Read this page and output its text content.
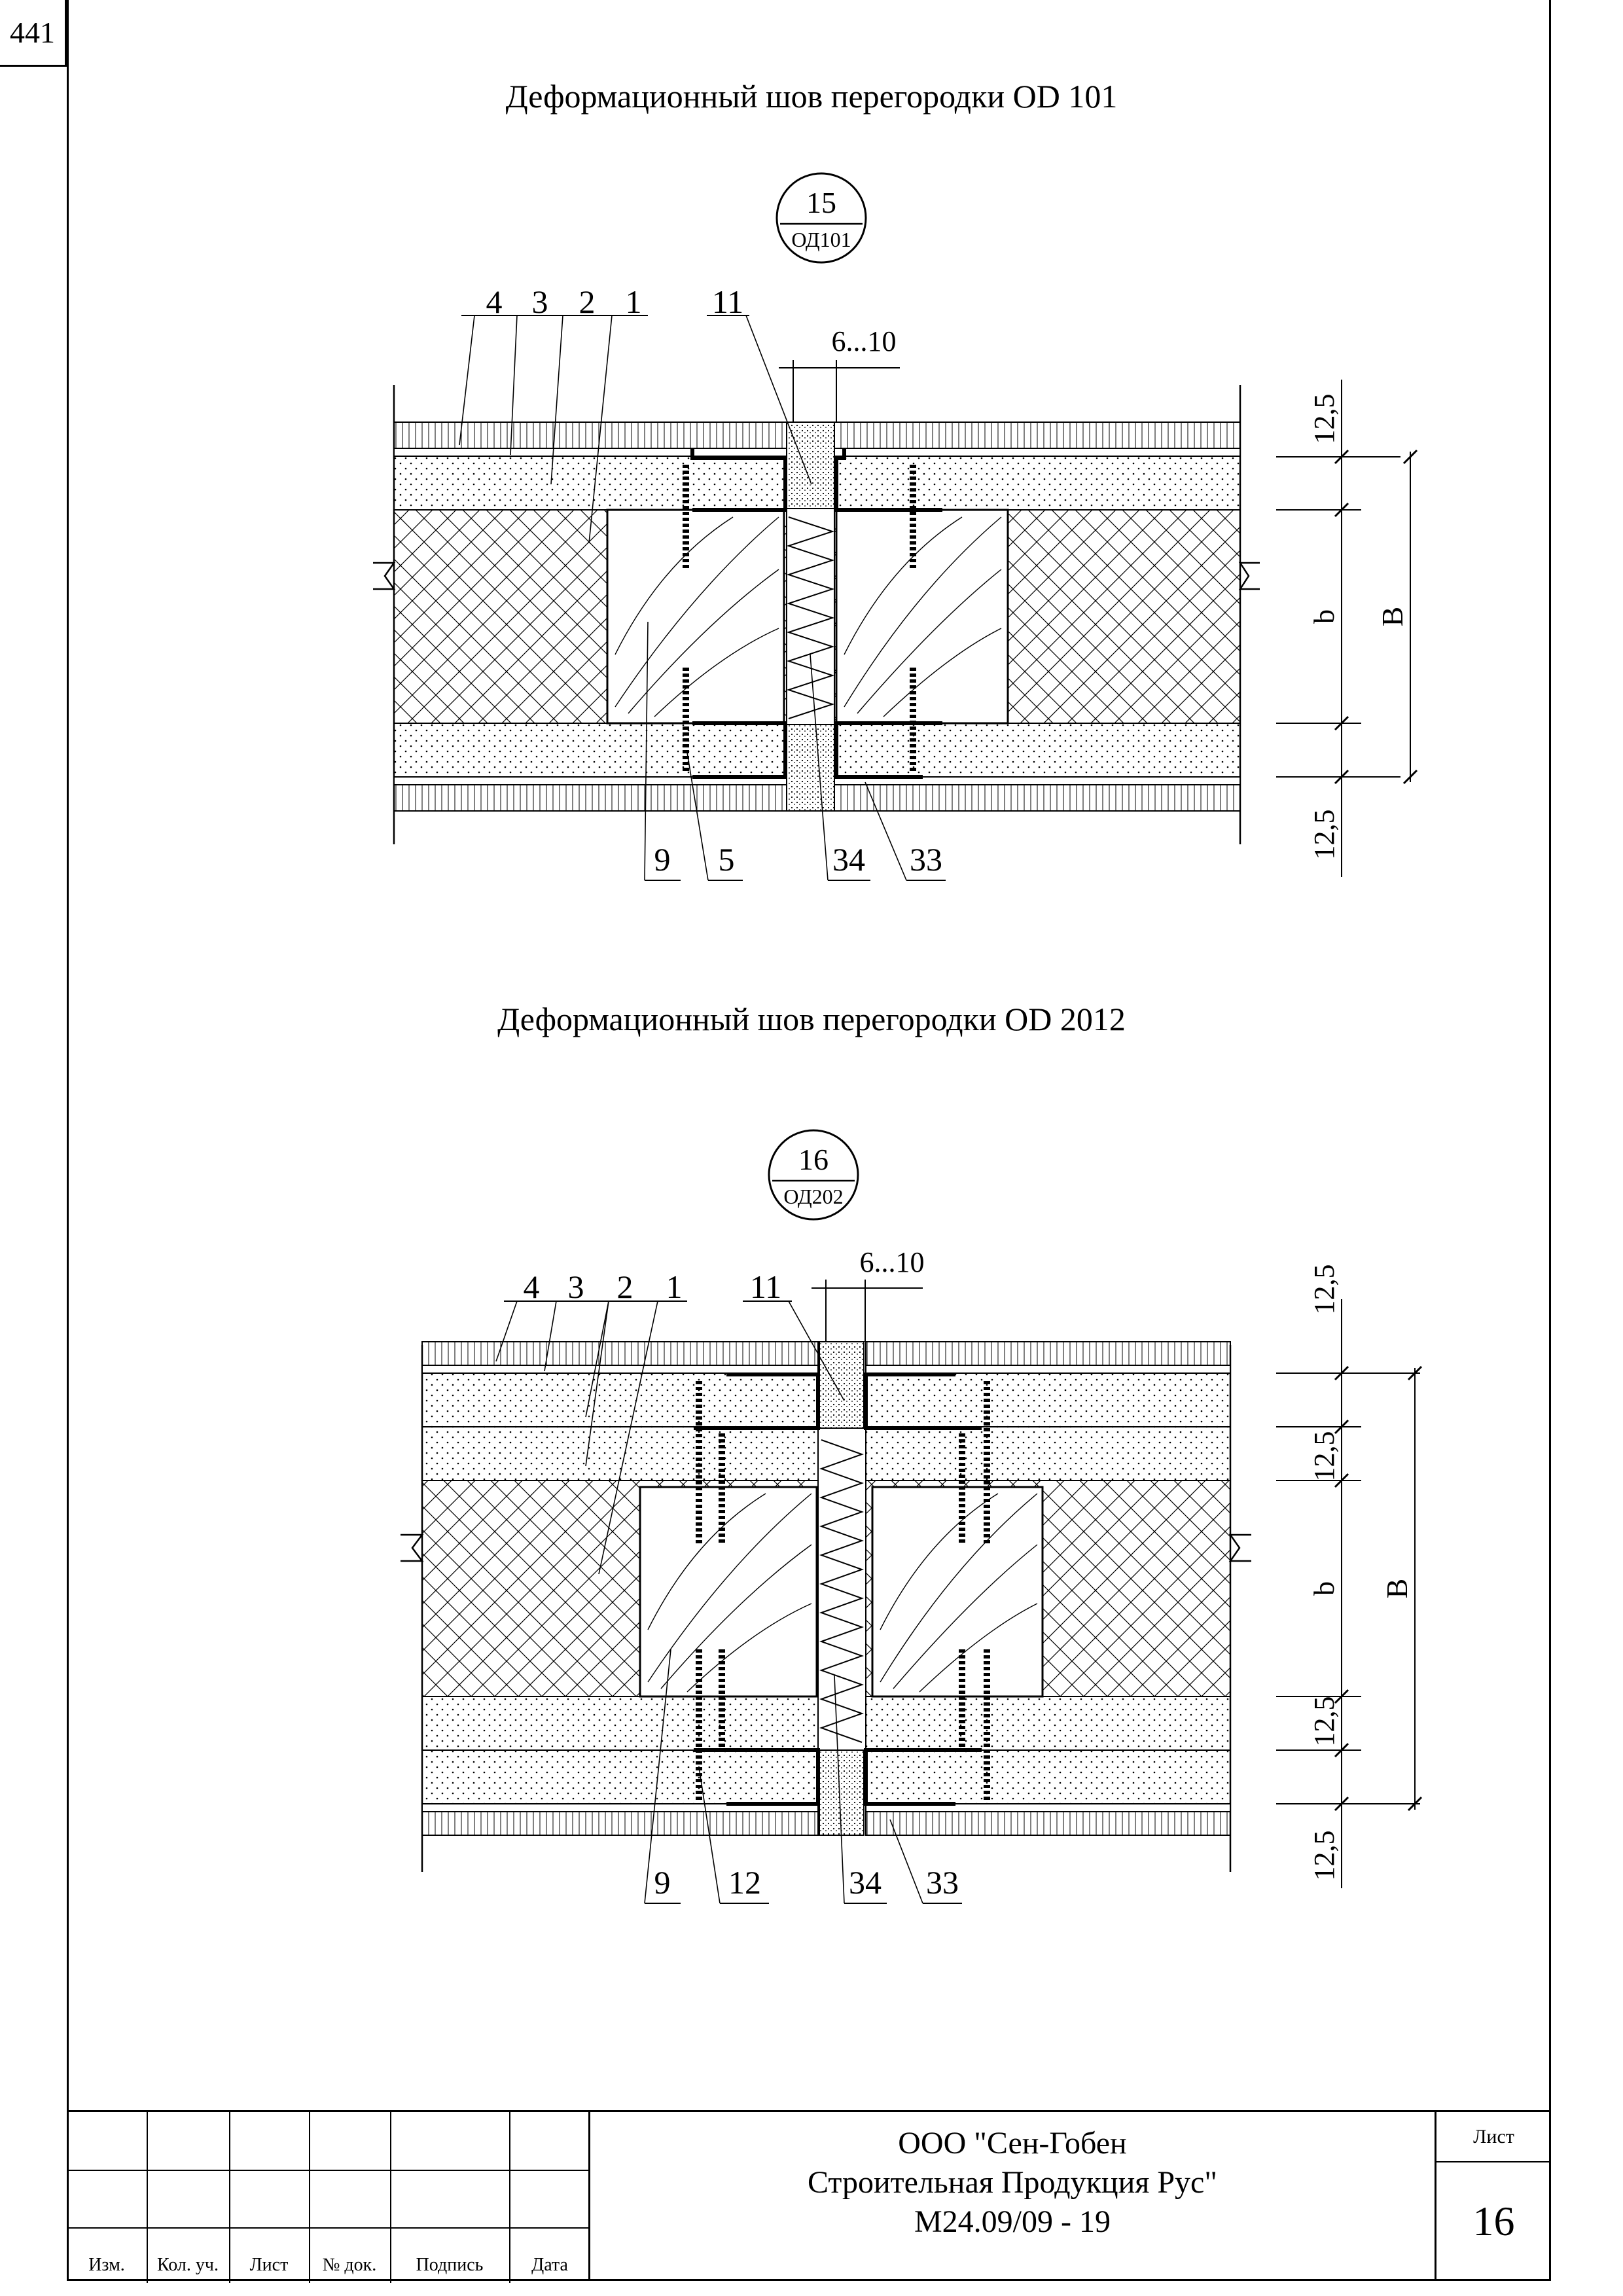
441
Деформационный шов перегородки OD 101
Деформационный шов перегородки OD 2012
15
ОД101
6...10
4 3 2 1 11
9 5	34 33
12,5
12,5
b B
16
ОД202
6...10
4 3 2 1 11
9 12	34 33
12,5
12,5
12,5
12,5
b B
Изм.	Кол. уч.	Лист	№ док.	Подпись	Дата
ООО "Сен-Гобен
Строительная Продукция Рус"
М24.09/09 - 19
Лист
16
